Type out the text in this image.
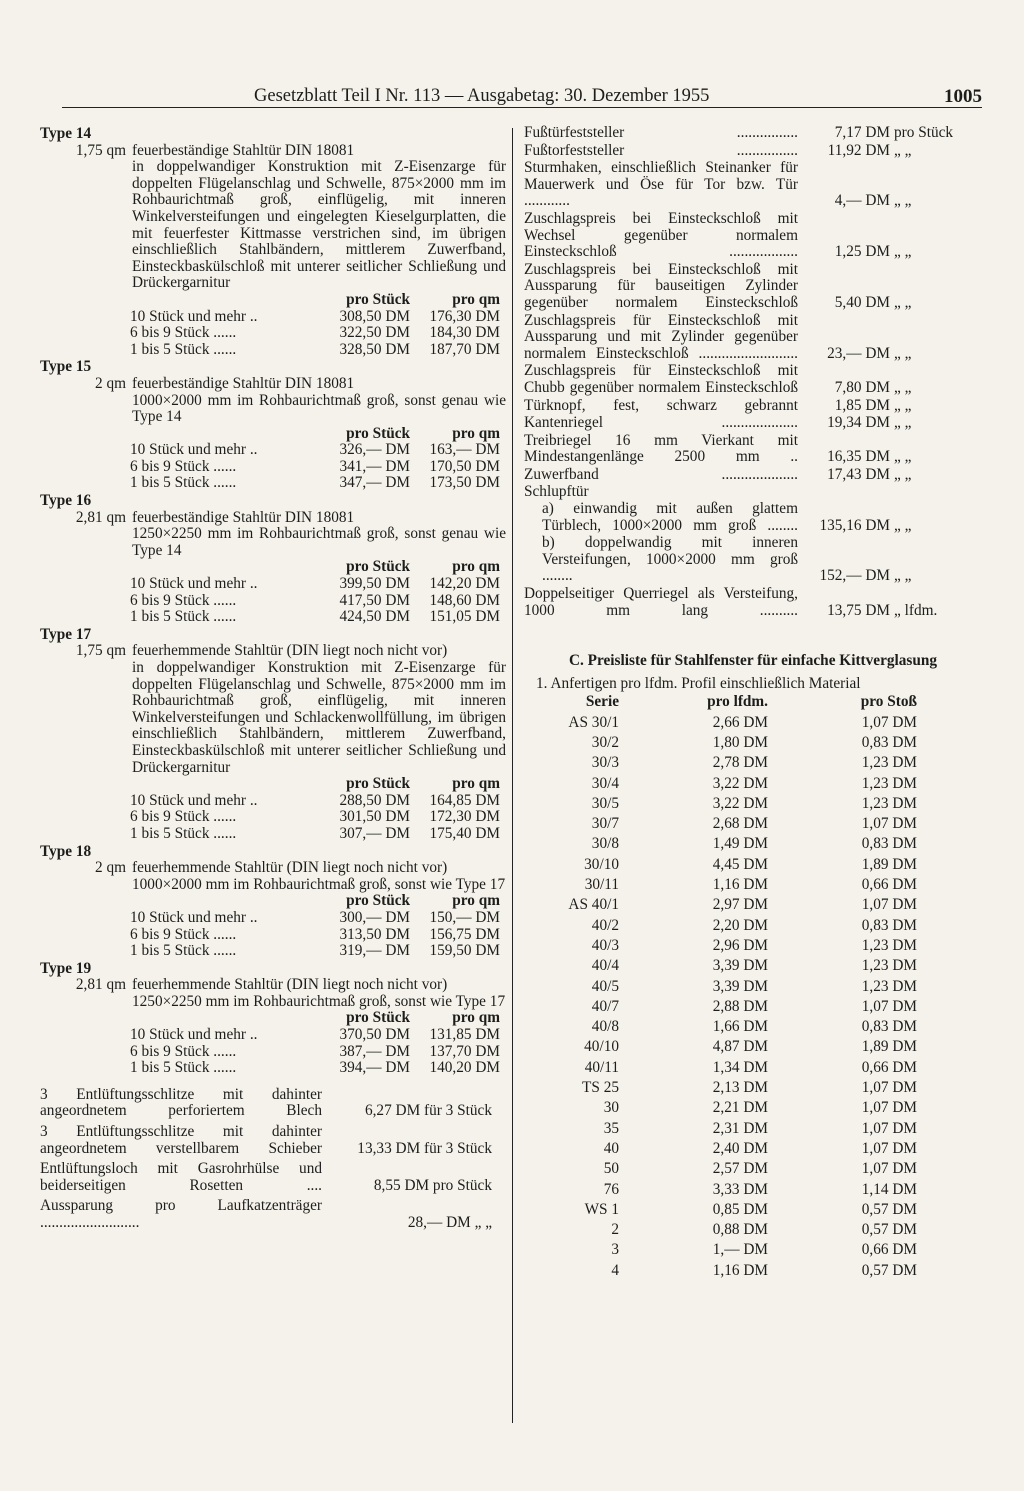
Gesetzblatt Teil I Nr. 113 — Ausgabetag: 30. Dezember 1955	1005
Type 14
1,75 qm feuerbeständige Stahltür DIN 18081
in doppelwandiger Konstruktion mit Z-Eisenzarge für doppelten Flügelanschlag und Schwelle, 875×2000 mm im Rohbaurichtmaß groß, einflügelig, mit inneren Winkelversteifungen und eingelegten Kieselgurplatten, die mit feuerfester Kittmasse verstrichen sind, im übrigen einschließlich Stahlbändern, mittlerem Zuwerfband, Einsteckbaskülschloß mit unterer seitlicher Schließung und Drückergarnitur
pro Stück	pro qm
10 Stück und mehr ..	308,50 DM	176,30 DM
6 bis 9 Stück ......	322,50 DM	184,30 DM
1 bis 5 Stück ......	328,50 DM	187,70 DM
Type 15
2 qm feuerbeständige Stahltür DIN 18081
1000×2000 mm im Rohbaurichtmaß groß, sonst genau wie Type 14
pro Stück	pro qm
10 Stück und mehr ..	326,— DM	163,— DM
6 bis 9 Stück ......	341,— DM	170,50 DM
1 bis 5 Stück ......	347,— DM	173,50 DM
Type 16
2,81 qm feuerbeständige Stahltür DIN 18081
1250×2250 mm im Rohbaurichtmaß groß, sonst genau wie Type 14
pro Stück	pro qm
10 Stück und mehr ..	399,50 DM	142,20 DM
6 bis 9 Stück ......	417,50 DM	148,60 DM
1 bis 5 Stück ......	424,50 DM	151,05 DM
Type 17
1,75 qm feuerhemmende Stahltür (DIN liegt noch nicht vor)
in doppelwandiger Konstruktion mit Z-Eisenzarge für doppelten Flügelanschlag und Schwelle, 875×2000 mm im Rohbaurichtmaß groß, einflügelig, mit inneren Winkelversteifungen und Schlackenwollfüllung, im übrigen einschließlich Stahlbändern, mittlerem Zuwerfband, Einsteckbaskülschloß mit unterer seitlicher Schließung und Drückergarnitur
pro Stück	pro qm
10 Stück und mehr ..	288,50 DM	164,85 DM
6 bis 9 Stück ......	301,50 DM	172,30 DM
1 bis 5 Stück ......	307,— DM	175,40 DM
Type 18
2 qm feuerhemmende Stahltür (DIN liegt noch nicht vor)
1000×2000 mm im Rohbaurichtmaß groß, sonst wie Type 17
pro Stück	pro qm
10 Stück und mehr ..	300,— DM	150,— DM
6 bis 9 Stück ......	313,50 DM	156,75 DM
1 bis 5 Stück ......	319,— DM	159,50 DM
Type 19
2,81 qm feuerhemmende Stahltür (DIN liegt noch nicht vor)
1250×2250 mm im Rohbaurichtmaß groß, sonst wie Type 17
pro Stück	pro qm
10 Stück und mehr ..	370,50 DM	131,85 DM
6 bis 9 Stück ......	387,— DM	137,70 DM
1 bis 5 Stück ......	394,— DM	140,20 DM
3 Entlüftungsschlitze mit dahinter angeordnetem perforiertem Blech	6,27 DM für 3 Stück
3 Entlüftungsschlitze mit dahinter angeordnetem verstellbarem Schieber	13,33 DM für 3 Stück
Entlüftungsloch mit Gasrohrhülse und beiderseitigen Rosetten ....	8,55 DM pro Stück
Aussparung pro Laufkatzenträger ..........................	28,— DM „ „
Fußtürfeststeller ................	7,17 DM pro Stück
Fußtorfeststeller ................	11,92 DM „ „
Sturmhaken, einschließlich Steinanker für Mauerwerk und Öse für Tor bzw. Tür ............	4,— DM „ „
Zuschlagspreis bei Einsteckschloß mit Wechsel gegenüber normalem Einsteckschloß ..................	1,25 DM „ „
Zuschlagspreis bei Einsteckschloß mit Aussparung für bauseitigen Zylinder gegenüber normalem Einsteckschloß	5,40 DM „ „
Zuschlagspreis für Einsteckschloß mit Aussparung und mit Zylinder gegenüber normalem Einsteckschloß ..........................	23,— DM „ „
Zuschlagspreis für Einsteckschloß mit Chubb gegenüber normalem Einsteckschloß	7,80 DM „ „
Türknopf, fest, schwarz gebrannt	1,85 DM „ „
Kantenriegel ....................	19,34 DM „ „
Treibriegel 16 mm Vierkant mit Mindestangenlänge 2500 mm ..	16,35 DM „ „
Zuwerfband ....................	17,43 DM „ „
Schlupftür
a) einwandig mit außen glattem Türblech, 1000×2000 mm groß ........	135,16 DM „ „
b) doppelwandig mit inneren Versteifungen, 1000×2000 mm groß ........	152,— DM „ „
Doppelseitiger Querriegel als Versteifung, 1000 mm lang ..........	13,75 DM „ lfdm.
C. Preisliste für Stahlfenster für einfache Kittverglasung
1. Anfertigen pro lfdm. Profil einschließlich Material
Serie	pro lfdm.	pro Stoß
AS 30/1	2,66 DM	1,07 DM
30/2	1,80 DM	0,83 DM
30/3	2,78 DM	1,23 DM
30/4	3,22 DM	1,23 DM
30/5	3,22 DM	1,23 DM
30/7	2,68 DM	1,07 DM
30/8	1,49 DM	0,83 DM
30/10	4,45 DM	1,89 DM
30/11	1,16 DM	0,66 DM
AS 40/1	2,97 DM	1,07 DM
40/2	2,20 DM	0,83 DM
40/3	2,96 DM	1,23 DM
40/4	3,39 DM	1,23 DM
40/5	3,39 DM	1,23 DM
40/7	2,88 DM	1,07 DM
40/8	1,66 DM	0,83 DM
40/10	4,87 DM	1,89 DM
40/11	1,34 DM	0,66 DM
TS 25	2,13 DM	1,07 DM
30	2,21 DM	1,07 DM
35	2,31 DM	1,07 DM
40	2,40 DM	1,07 DM
50	2,57 DM	1,07 DM
76	3,33 DM	1,14 DM
WS 1	0,85 DM	0,57 DM
2	0,88 DM	0,57 DM
3	1,— DM	0,66 DM
4	1,16 DM	0,57 DM
